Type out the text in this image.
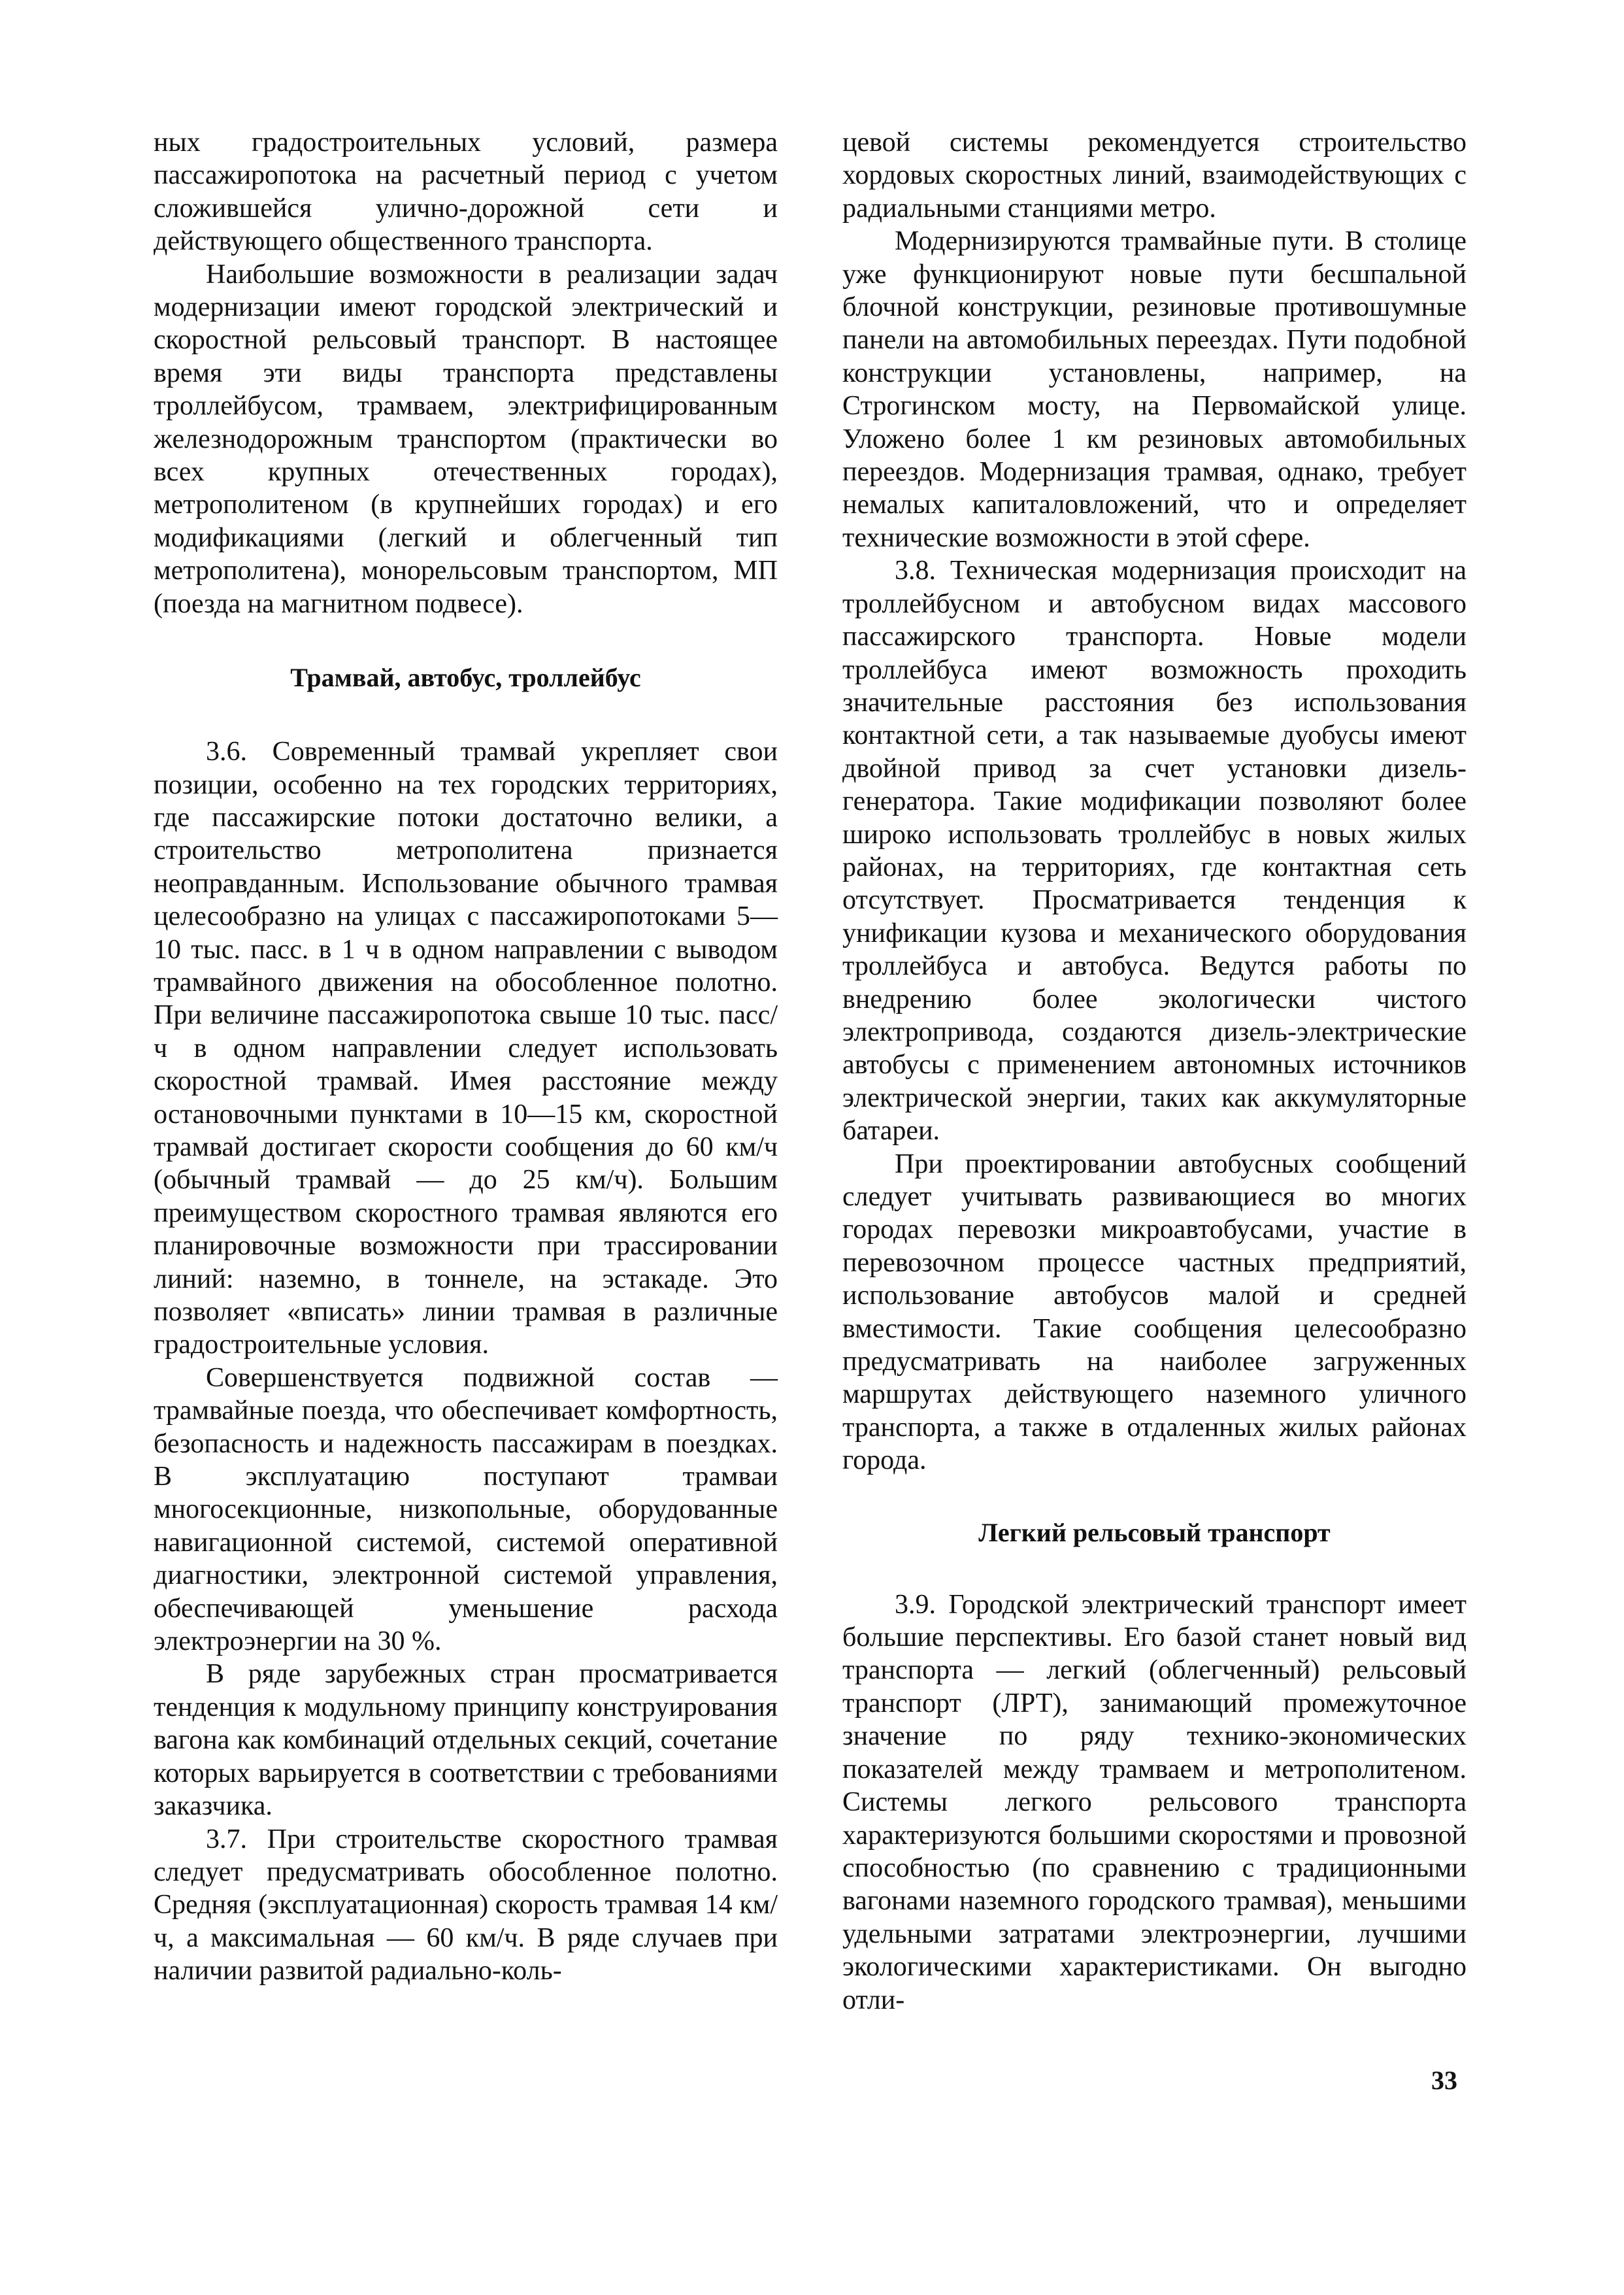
ных градостроительных условий, размера пассажиропотока на расчетный период с учетом сложившейся улично-дорожной сети и действующего общественного транспорта.

Наибольшие возможности в реализации задач модернизации имеют городской электрический и скоростной рельсовый транспорт. В настоящее время эти виды транспорта представлены троллейбусом, трамваем, электрифицированным железнодорожным транспортом (практически во всех крупных отечественных городах), метрополитеном (в крупнейших городах) и его модификациями (легкий и облегченный тип метрополитена), монорельсовым транспортом, МП (поезда на магнитном подвесе).

Трамвай, автобус, троллейбус

3.6. Современный трамвай укрепляет свои позиции, особенно на тех городских территориях, где пассажирские потоки достаточно велики, а строительство метрополитена признается неоправданным. Использование обычного трамвая целесообразно на улицах с пассажиропотоками 5—10 тыс. пасс. в 1 ч в одном направлении с выводом трамвайного движения на обособленное полотно. При величине пассажиропотока свыше 10 тыс. пасс/ч в одном направлении следует использовать скоростной трамвай. Имея расстояние между остановочными пунктами в 10—15 км, скоростной трамвай достигает скорости сообщения до 60 км/ч (обычный трамвай — до 25 км/ч). Большим преимуществом скоростного трамвая являются его планировочные возможности при трассировании линий: наземно, в тоннеле, на эстакаде. Это позволяет «вписать» линии трамвая в различные градостроительные условия.

Совершенствуется подвижной состав — трамвайные поезда, что обеспечивает комфортность, безопасность и надежность пассажирам в поездках. В эксплуатацию поступают трамваи многосекционные, низкопольные, оборудованные навигационной системой, системой оперативной диагностики, электронной системой управления, обеспечивающей уменьшение расхода электроэнергии на 30 %.

В ряде зарубежных стран просматривается тенденция к модульному принципу конструирования вагона как комбинаций отдельных секций, сочетание которых варьируется в соответствии с требованиями заказчика.

3.7. При строительстве скоростного трамвая следует предусматривать обособленное полотно. Средняя (эксплуатационная) скорость трамвая 14 км/ч, а максимальная — 60 км/ч. В ряде случаев при наличии развитой радиально-коль-

цевой системы рекомендуется строительство хордовых скоростных линий, взаимодействующих с радиальными станциями метро.

Модернизируются трамвайные пути. В столице уже функционируют новые пути бесшпальной блочной конструкции, резиновые противошумные панели на автомобильных переездах. Пути подобной конструкции установлены, например, на Строгинском мосту, на Первомайской улице. Уложено более 1 км резиновых автомобильных переездов. Модернизация трамвая, однако, требует немалых капиталовложений, что и определяет технические возможности в этой сфере.

3.8. Техническая модернизация происходит на троллейбусном и автобусном видах массового пассажирского транспорта. Новые модели троллейбуса имеют возможность проходить значительные расстояния без использования контактной сети, а так называемые дуобусы имеют двойной привод за счет установки дизель-генератора. Такие модификации позволяют более широко использовать троллейбус в новых жилых районах, на территориях, где контактная сеть отсутствует. Просматривается тенденция к унификации кузова и механического оборудования троллейбуса и автобуса. Ведутся работы по внедрению более экологически чистого электропривода, создаются дизель-электрические автобусы с применением автономных источников электрической энергии, таких как аккумуляторные батареи.

При проектировании автобусных сообщений следует учитывать развивающиеся во многих городах перевозки микроавтобусами, участие в перевозочном процессе частных предприятий, использование автобусов малой и средней вместимости. Такие сообщения целесообразно предусматривать на наиболее загруженных маршрутах действующего наземного уличного транспорта, а также в отдаленных жилых районах города.

Легкий рельсовый транспорт

3.9. Городской электрический транспорт имеет большие перспективы. Его базой станет новый вид транспорта — легкий (облегченный) рельсовый транспорт (ЛРТ), занимающий промежуточное значение по ряду технико-экономических показателей между трамваем и метрополитеном. Системы легкого рельсового транспорта характеризуются большими скоростями и провозной способностью (по сравнению с традиционными вагонами наземного городского трамвая), меньшими удельными затратами электроэнергии, лучшими экологическими характеристиками. Он выгодно отли-

33
